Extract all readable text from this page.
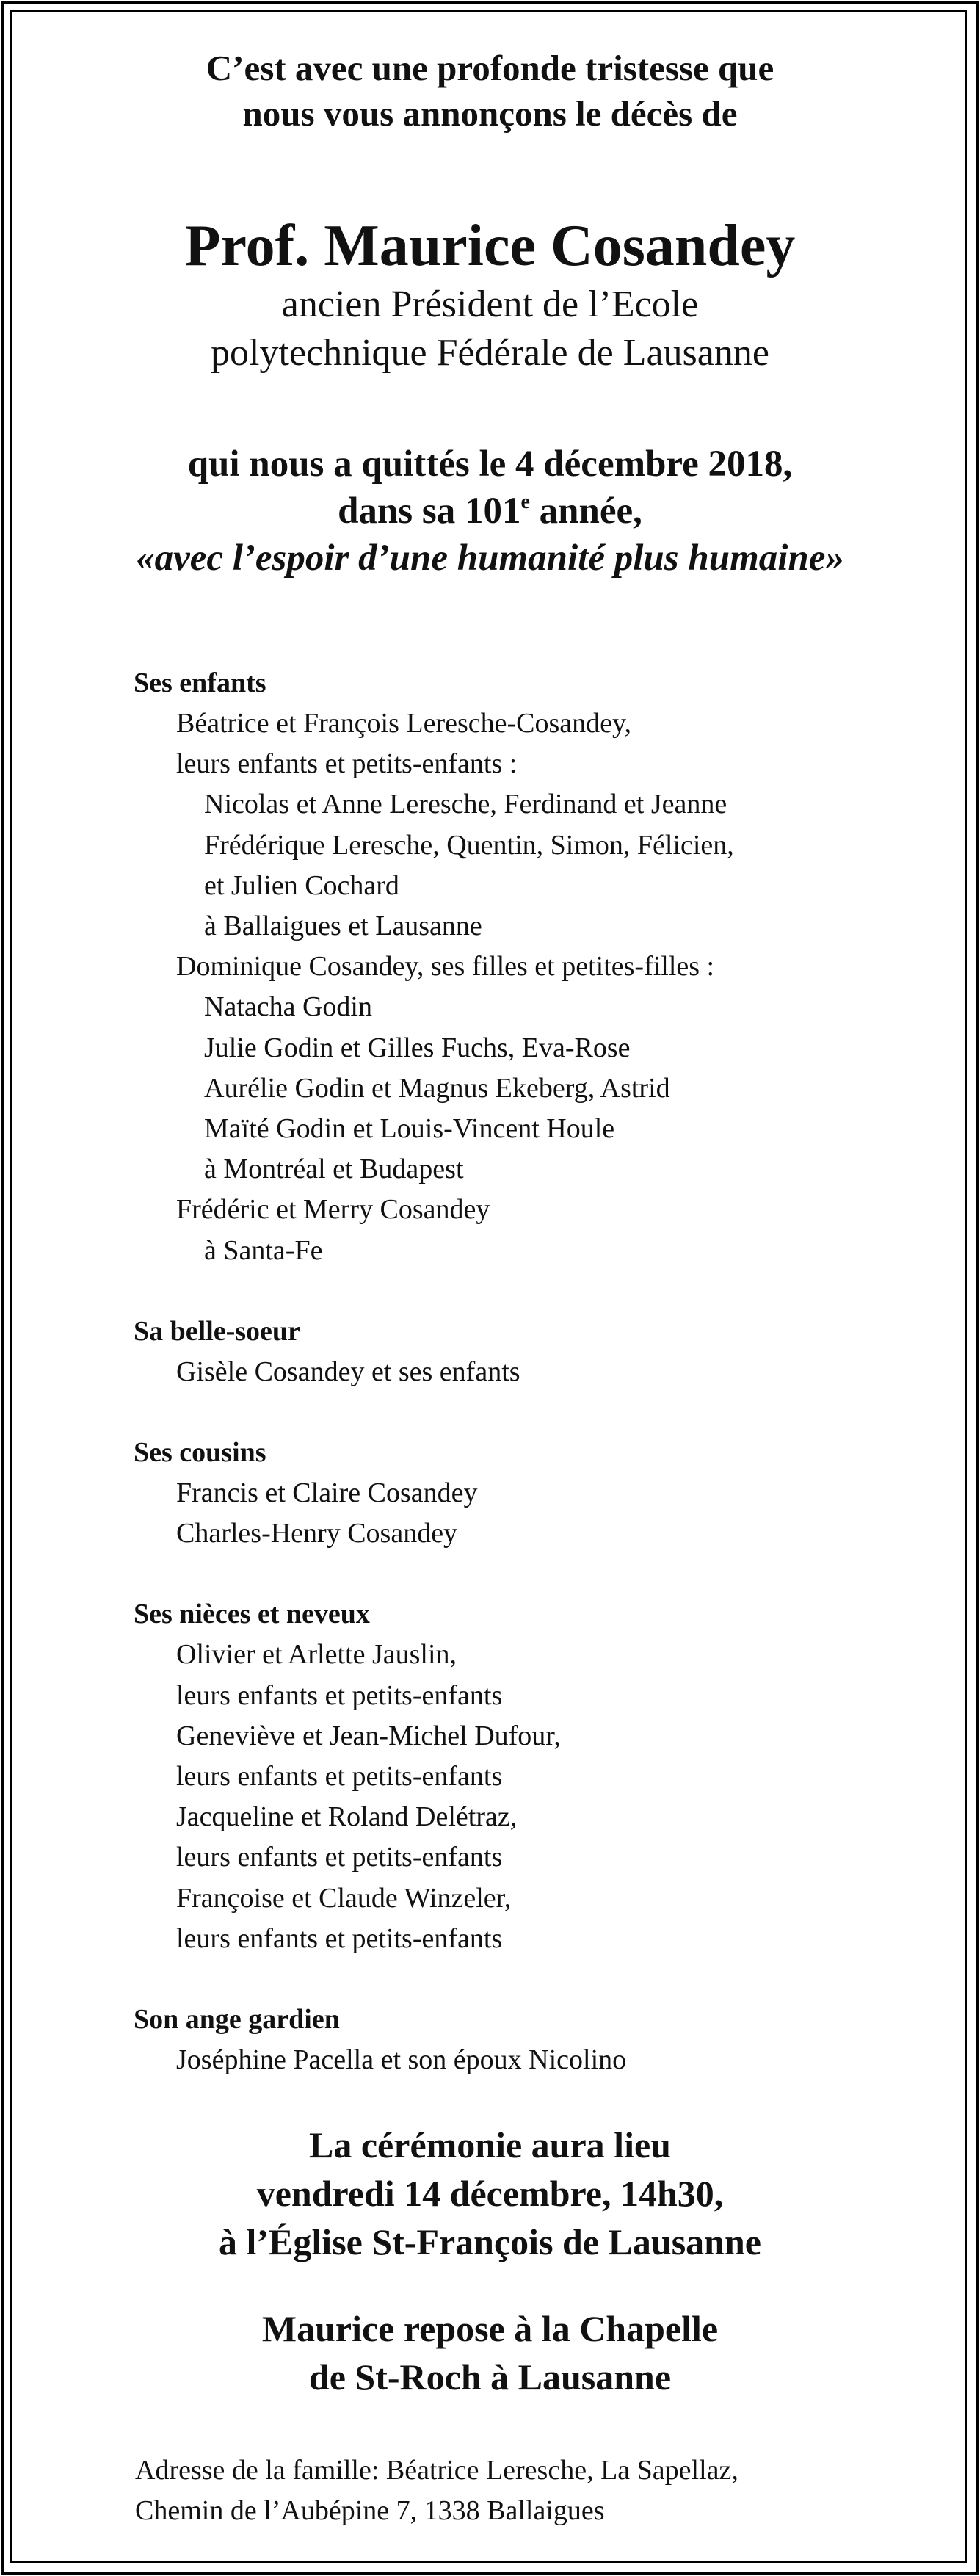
C’est avec une profonde tristesse que
nous vous annonçons le décès de
Prof. Maurice Cosandey
ancien Président de l’Ecole
polytechnique Fédérale de Lausanne
qui nous a quittés le 4 décembre 2018,
dans sa 101e année,
«avec l’espoir d’une humanité plus humaine»
Ses enfants
Béatrice et François Leresche-Cosandey,
leurs enfants et petits-enfants :
Nicolas et Anne Leresche, Ferdinand et Jeanne
Frédérique Leresche, Quentin, Simon, Félicien,
et Julien Cochard
à Ballaigues et Lausanne
Dominique Cosandey, ses filles et petites-filles :
Natacha Godin
Julie Godin et Gilles Fuchs, Eva-Rose
Aurélie Godin et Magnus Ekeberg, Astrid
Maïté Godin et Louis-Vincent Houle
à Montréal et Budapest
Frédéric et Merry Cosandey
à Santa-Fe
Sa belle-soeur
Gisèle Cosandey et ses enfants
Ses cousins
Francis et Claire Cosandey
Charles-Henry Cosandey
Ses nièces et neveux
Olivier et Arlette Jauslin,
leurs enfants et petits-enfants
Geneviève et Jean-Michel Dufour,
leurs enfants et petits-enfants
Jacqueline et Roland Delétraz,
leurs enfants et petits-enfants
Françoise et Claude Winzeler,
leurs enfants et petits-enfants
Son ange gardien
Joséphine Pacella et son époux Nicolino
La cérémonie aura lieu
vendredi 14 décembre, 14h30,
à l’Église St-François de Lausanne
Maurice repose à la Chapelle
de St-Roch à Lausanne
Adresse de la famille: Béatrice Leresche, La Sapellaz,
Chemin de l’Aubépine 7, 1338 Ballaigues
